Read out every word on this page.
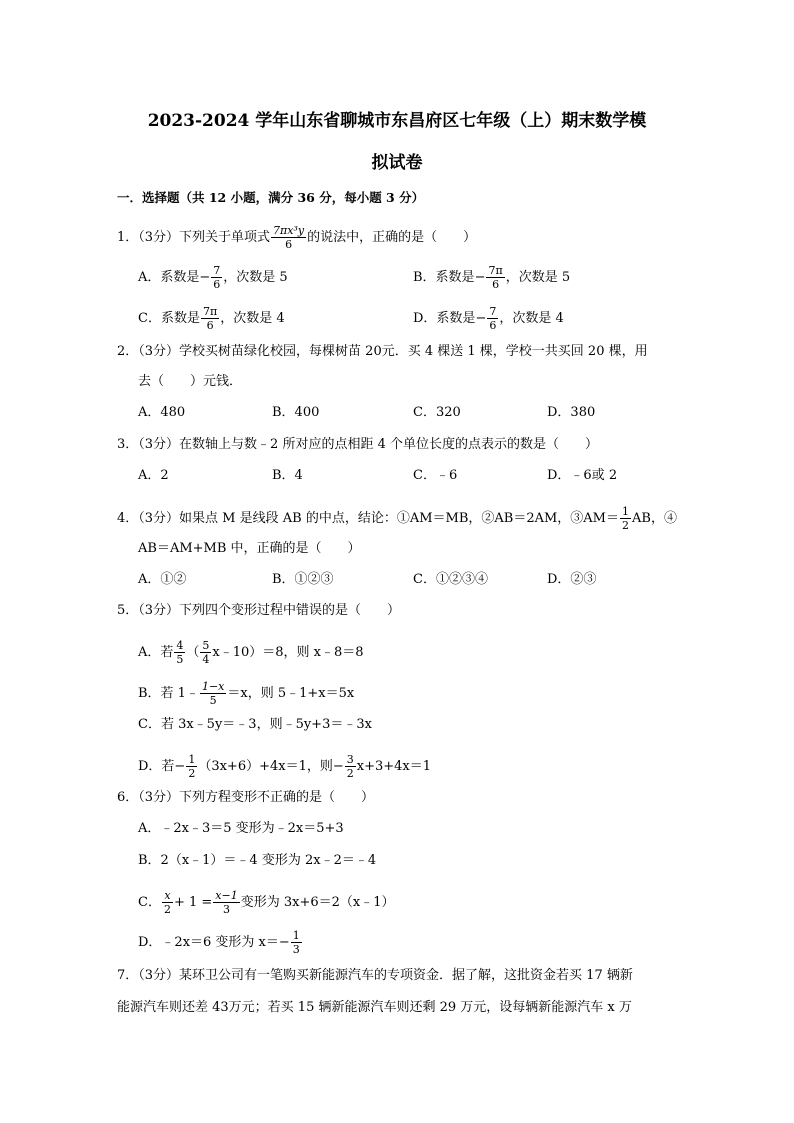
2023-2024 学年山东省聊城市东昌府区七年级（上）期末数学模
拟试卷
一．选择题（共 12 小题，满分 36 分，每小题 3 分）
1．（3分）下列关于单项式 $\frac{\text{7πx³y}}{6}$ 的说法中，正确的是（　　）
A．系数是− $\frac{7}{6}$ ，次数是 5	B．系数是− $\frac{7\pi}{6}$ ，次数是 5
C．系数是 $\frac{7\pi}{6}$ ，次数是 4	D．系数是− $\frac{7}{6}$ ，次数是 4
2．（3分）学校买树苗绿化校园，每棵树苗 20元．买 4 棵送 1 棵，学校一共买回 20 棵，用
去（　　）元钱．
A．480	B．400	C．320	D．380
3．（3分）在数轴上与数﹣2 所对应的点相距 4 个单位长度的点表示的数是（　　）
A．2	B．4	C．﹣6	D．﹣6或 2
4．（3分）如果点 M 是线段 AB 的中点，结论：①AM＝MB，②AB＝2AM，③AM＝ $\frac{1}{2}$ AB，④
AB＝AM+MB 中，正确的是（　　）
A．①②	B．①②③	C．①②③④	D．②③
5．（3分）下列四个变形过程中错误的是（　　）
A．若 $\frac{4}{5}$ （ $\frac{5}{4}$ x﹣10）＝8，则 x﹣8＝8
B．若 1﹣ $\frac{1-x}{5} =x$，则 5﹣1+x＝5x
C．若 3x﹣5y＝﹣3，则﹣5y+3＝﹣3x
D．若− $\frac{1}{2} (3x+6)+4x=1$，则− $\frac{3}{2} x+3+4x=1$
6．（3分）下列方程变形不正确的是（　　）
A．﹣2x﹣3＝5 变形为﹣2x＝5+3
B．2（x﹣1）＝﹣4 变形为 2x﹣2＝﹣4
C． $\frac{x}{2} + 1 = \frac{x-1}{3}$ 变形为 3x+6＝2（x﹣1）
D．﹣2x＝6 变形为 $x=- \frac{1}{3}$
7．（3分）某环卫公司有一笔购买新能源汽车的专项资金．据了解，这批资金若买 17 辆新
能源汽车则还差 43万元；若买 15 辆新能源汽车则还剩 29 万元，设每辆新能源汽车 x 万
